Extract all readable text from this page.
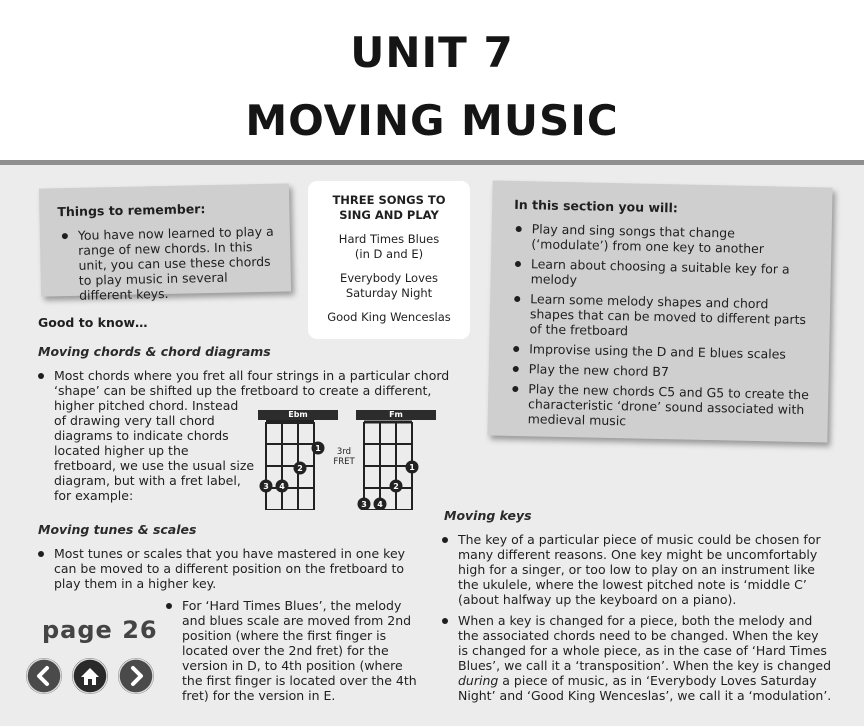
UNIT 7
MOVING MUSIC
Things to remember:
You have now learned to play a range of new chords. In this unit, you can use these chords to play music in several different keys.
THREE SONGS TO
SING AND PLAY
Hard Times Blues
(in D and E)
Everybody Loves
Saturday Night
Good King Wenceslas
In this section you will:
Play and sing songs that change (‘modulate’) from one key to another
Learn about choosing a suitable key for a melody
Learn some melody shapes and chord shapes that can be moved to different parts of the fretboard
Improvise using the D and E blues scales
Play the new chord B7
Play the new chords C5 and G5 to create the characteristic ‘drone’ sound associated with medieval music
Good to know…
Moving chords & chord diagrams
Most chords where you fret all four strings in a particular chord
‘shape’ can be shifted up the fretboard to create a different,
higher pitched chord. Instead
of drawing very tall chord
diagrams to indicate chords
located higher up the
fretboard, we use the usual size
diagram, but with a fret label,
for example:
Ebm
1
2
3 4
3rd
FRET
Fm
1
2
3 4
Moving tunes & scales
Most tunes or scales that you have mastered in one key can be moved to a different position on the fretboard to play them in a higher key.
For ‘Hard Times Blues’, the melody and blues scale are moved from 2nd position (where the first finger is located over the 2nd fret) for the version in D, to 4th position (where the first finger is located over the 4th fret) for the version in E.
Moving keys
The key of a particular piece of music could be chosen for many different reasons. One key might be uncomfortably high for a singer, or too low to play on an instrument like the ukulele, where the lowest pitched note is ‘middle C’ (about halfway up the keyboard on a piano).
When a key is changed for a piece, both the melody and the associated chords need to be changed. When the key is changed for a whole piece, as in the case of ‘Hard Times Blues’, we call it a ‘transposition’. When the key is changed during a piece of music, as in ‘Everybody Loves Saturday Night’ and ‘Good King Wenceslas’, we call it a ‘modulation’.
page 26
